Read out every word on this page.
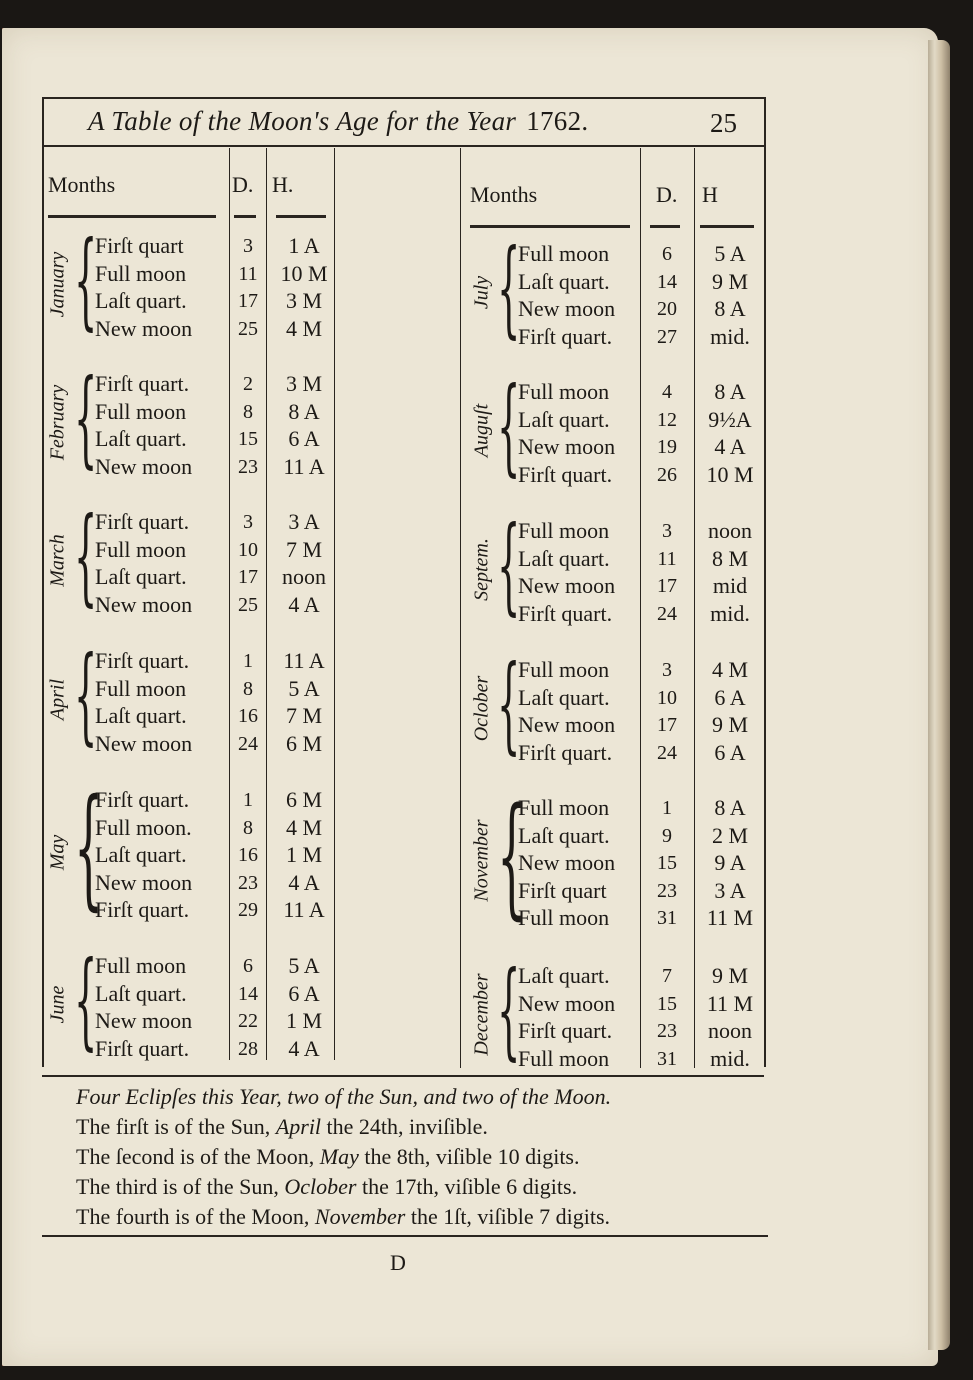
A Table of the Moon's Age for the Year 1762.	25
Months	D. H.	Months	D. H
January {
Firſt quart	3	1 A
Full moon	11	10 M
Laſt quart.	17	3 M
New moon	25	4 M
February {
Firſt quart.	2	3 M
Full moon	8	8 A
Laſt quart.	15	6 A
New moon	23	11 A
March {
Firſt quart.	3	3 A
Full moon	10	7 M
Laſt quart.	17	noon
New moon	25	4 A
April {
Firſt quart.	1	11 A
Full moon	8	5 A
Laſt quart.	16	7 M
New moon	24	6 M
May {
Firſt quart.	1	6 M
Full moon.	8	4 M
Laſt quart.	16	1 M
New moon	23	4 A
Firſt quart.	29	11 A
June {
Full moon	6	5 A
Laſt quart.	14	6 A
New moon	22	1 M
Firſt quart.	28	4 A
July {
Full moon	6	5 A
Laſt quart.	14	9 M
New moon	20	8 A
Firſt quart.	27	mid.
Auguſt {
Full moon	4	8 A
Laſt quart.	12	9½A
New moon	19	4 A
Firſt quart.	26	10 M
Septem. {
Full moon	3	noon
Laſt quart.	11	8 M
New moon	17	mid
Firſt quart.	24	mid.
Oclober {
Full moon	3	4 M
Laſt quart.	10	6 A
New moon	17	9 M
Firſt quart.	24	6 A
November {
Full moon	1	8 A
Laſt quart.	9	2 M
New moon	15	9 A
Firſt quart	23	3 A
Full moon	31	11 M
December {
Laſt quart.	7	9 M
New moon	15	11 M
Firſt quart.	23	noon
Full moon	31	mid.
Four Eclipſes this Year, two of the Sun, and two of the Moon.
The firſt is of the Sun, April the 24th, inviſible.
The ſecond is of the Moon, May the 8th, viſible 10 digits.
The third is of the Sun, Oclober the 17th, viſible 6 digits.
The fourth is of the Moon, November the 1ſt, viſible 7 digits.
D
